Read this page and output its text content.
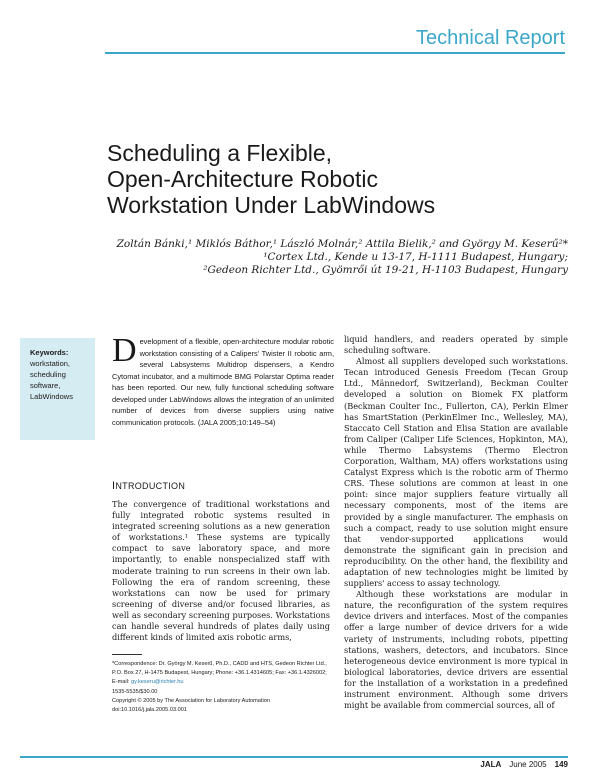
Technical Report
Scheduling a Flexible,
Open-Architecture Robotic
Workstation Under LabWindows
Zoltán Bánki,¹ Miklós Báthor,¹ László Molnár,² Attila Bielik,² and György M. Keserű²*
¹Cortex Ltd., Kende u 13-17, H-1111 Budapest, Hungary;
²Gedeon Richter Ltd., Gyömrői út 19-21, H-1103 Budapest, Hungary
Keywords:
workstation,
scheduling
software,
LabWindows
Development of a flexible, open-architecture modular robotic workstation consisting of a Calipers' Twister II robotic arm, several Labsystems Multidrop dispensers, a Kendro Cytomat incubator, and a multimode BMG Polarstar Optima reader has been reported. Our new, fully functional scheduling software developed under LabWindows allows the integration of an unlimited number of devices from diverse suppliers using native communication protocols. (JALA 2005;10:149–54)
INTRODUCTION

The convergence of traditional workstations and fully integrated robotic systems resulted in integrated screening solutions as a new generation of workstations.¹ These systems are typically compact to save laboratory space, and more importantly, to enable nonspecialized staff with moderate training to run screens in their own lab. Following the era of random screening, these workstations can now be used for primary screening of diverse and/or focused libraries, as well as secondary screening purposes. Workstations can handle several hundreds of plates daily using different kinds of limited axis robotic arms,

liquid handlers, and readers operated by simple scheduling software.

Almost all suppliers developed such workstations. Tecan introduced Genesis Freedom (Tecan Group Ltd., Männedorf, Switzerland), Beckman Coulter developed a solution on Biomek FX platform (Beckman Coulter Inc., Fullerton, CA), Perkin Elmer has SmartStation (PerkinElmer Inc., Wellesley, MA), Staccato Cell Station and Elisa Station are available from Caliper (Caliper Life Sciences, Hopkinton, MA), while Thermo Labsystems (Thermo Electron Corporation, Waltham, MA) offers workstations using Catalyst Express which is the robotic arm of Thermo CRS. These solutions are common at least in one point: since major suppliers feature virtually all necessary components, most of the items are provided by a single manufacturer. The emphasis on such a compact, ready to use solution might ensure that vendor-supported applications would demonstrate the significant gain in precision and reproducibility. On the other hand, the flexibility and adaptation of new technologies might be limited by suppliers' access to assay technology.

Although these workstations are modular in nature, the reconfiguration of the system requires device drivers and interfaces. Most of the companies offer a large number of device drivers for a wide variety of instruments, including robots, pipetting stations, washers, detectors, and incubators. Since heterogeneous device environment is more typical in biological laboratories, device drivers are essential for the installation of a workstation in a predefined instrument environment. Although some drivers might be available from commercial sources, all of

*Correspondence: Dr. György M. Keserű, Ph.D., CADD and HTS, Gedeon Richter Ltd., P.O. Box 27, H-1475 Budapest, Hungary; Phone: +36.1.4314605; Fax: +36.1.4326002;
E-mail: gy.keseru@richter.hu
1535-5535/$30.00
Copyright © 2005 by The Association for Laboratory Automation
doi:10.1016/j.jala.2005.03.001
JALA June 2005 149
